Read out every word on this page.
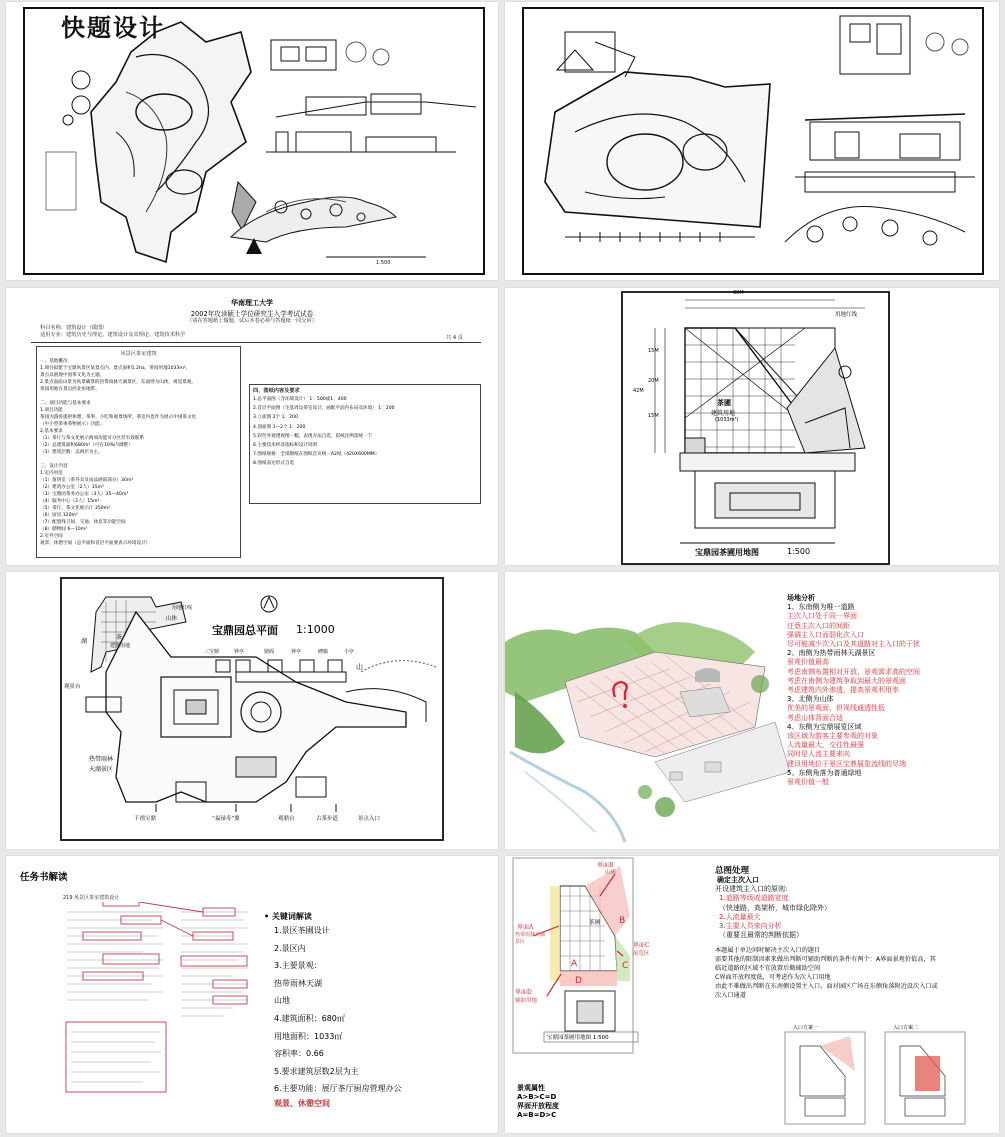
1:500
快题设计
华南理工大学
2002年攻读硕士学位研究生入学考试试卷
（请在答题纸上做题，试后本卷必须与答题纸一同交回）
科目名称：建筑设计（做图）
适用专业：建筑历史与理论、建筑设计及其理论、建筑技术科学	共 4 页
风景区茶室建筑
一、基地概况
1.项目拟建于宝鼎风景区某景点内，景点面积1.2ha，茶园用地1033m²，
景点以展现中国茶文化为主题。
2.景点南面山景为风景确景的热带雨林天湖景区，东面则为山体，视觉景观，
茶园用地在景点西北角地带。

二、项目功能与基本要求
1.项目功能
茶园为游客提供休憩、茶事、小吃和观景场所，茶室内也作为展示中国茶文化
（中小型茶事茶物展示）功能。
2.基本要求
（1）茶厅与茶文化展示两项功能可分区但有效联系
（2）总建筑面积680m²（可在10%内调整）
（3）建筑层数：以两层为主。

三、设计内容
1.室内用房
（1）值班室（茶外卖及成品展销部分）30m²
（2）建筑办公室（2人）15m²
（3）宝鼎园茶务办公室（3人）35—40m²
（4）服务中心（2人）15m²
（5）茶厅、茶文化展示厅 350m²
（6）厨房 120m²
（7）配置残卫间、交通、休息等功能空间
（8）储物间 6—10m²
2.室外空间
观景、休憩空间（总平面和首层平面要表示环境设计）
四、图纸内容及要求
1.总平面图（含环境设计） 1：500或1：400
2.首层平面图（宅基周边茶室设计，画配平面内布局及环境） 1：200
3.立面图 2个 1：200
4.剖面图 1—2个 1：200
5.彩色外观透视图一幅，表现方法自选，彩纸比例需统一下
6.主要技术经济指标和设计说明
7.图纸规格：全部图纸在图纸首页统一A2纸（420X600MM）
8.图纸表达形式自选
茶圃
建筑用地
(1033m²)
用地红线
30M
15M
20M
15M
42M
宝鼎园茶圃用地图	1:500
宝鼎园总平面 1:1000
湖
山体
山
茶
建筑用地
观景台
热带雨林
天湖景区
三宝鼎	钟亭	鼎阁	钟亭	碑廊	小亭
千禧宝鼎	“福禄寿”鼎	观鼎台	古茶步道	景点入口
用地红线
场地分析
1、东南侧为唯一道路
主次入口处于同一界面
注意主次入口的间距
强调主入口而弱化次入口
尽可能减少次入口及其道路对主入口的干扰
2、南侧为热带雨林天湖景区
景观价值最高
考虑南侧布置相对开放、景观需求高的空间
考虑在南侧为建筑争取到最大的景观面
考虑建筑内外渗透，提高景观利用率
3、北侧为山体
优美的景观面，但视线通透性低
考虑山体背面合适
4、东侧为宝鼎展览区域
该区域为游客主要参观的对象
人流量最大、交往性最强
同时是人流主要来向
建设用地位于景区宝鼎展览流线的尽端
5、东侧角落为普通绿地
景观价值一般
任务书解读
219 风景区茶室建筑设计
• 关键词解读
1.景区茶圃设计
2.景区内
3.主要景观：
热带雨林天湖
山地
4.建筑面积：680㎡
用地面积：1033㎡
容积率：0.66
5.要求建筑层数2层为主
6.主要功能：展厅茶厅厨房管理办公
观景、休憩空间
茶圃
宝鼎园茶圃用地图 1:500
A
B
C
D
界面B
山体
界面A
热带雨林天湖景区	界面C
展览区
界面D
辅助用地
景观属性
A>B>C=D
界面开放程度
A=B=D>C
总图处理
确定主次入口
开设建筑主入口的原则:
1.道路等级或道路宽度
（快速路，高架桥，城市绿化除外）
2.人流量最大
3.主要人员来向分析
（重要且最常的判断依据）
本题属于单边问时解决主次入口的题目
需要其他的限制因素来做出判断可辅助判断的条件有两个：A界面景观价值高，其
临近道路的区域不宜放置后勤辅助空间
C界面开放程度低，可考虑作为次入口用地
由此不难做出判断在东南侧设置主入口，面对园区广场在东侧角落附近设次入口或
次入口通道
入口方案一	入口方案二
